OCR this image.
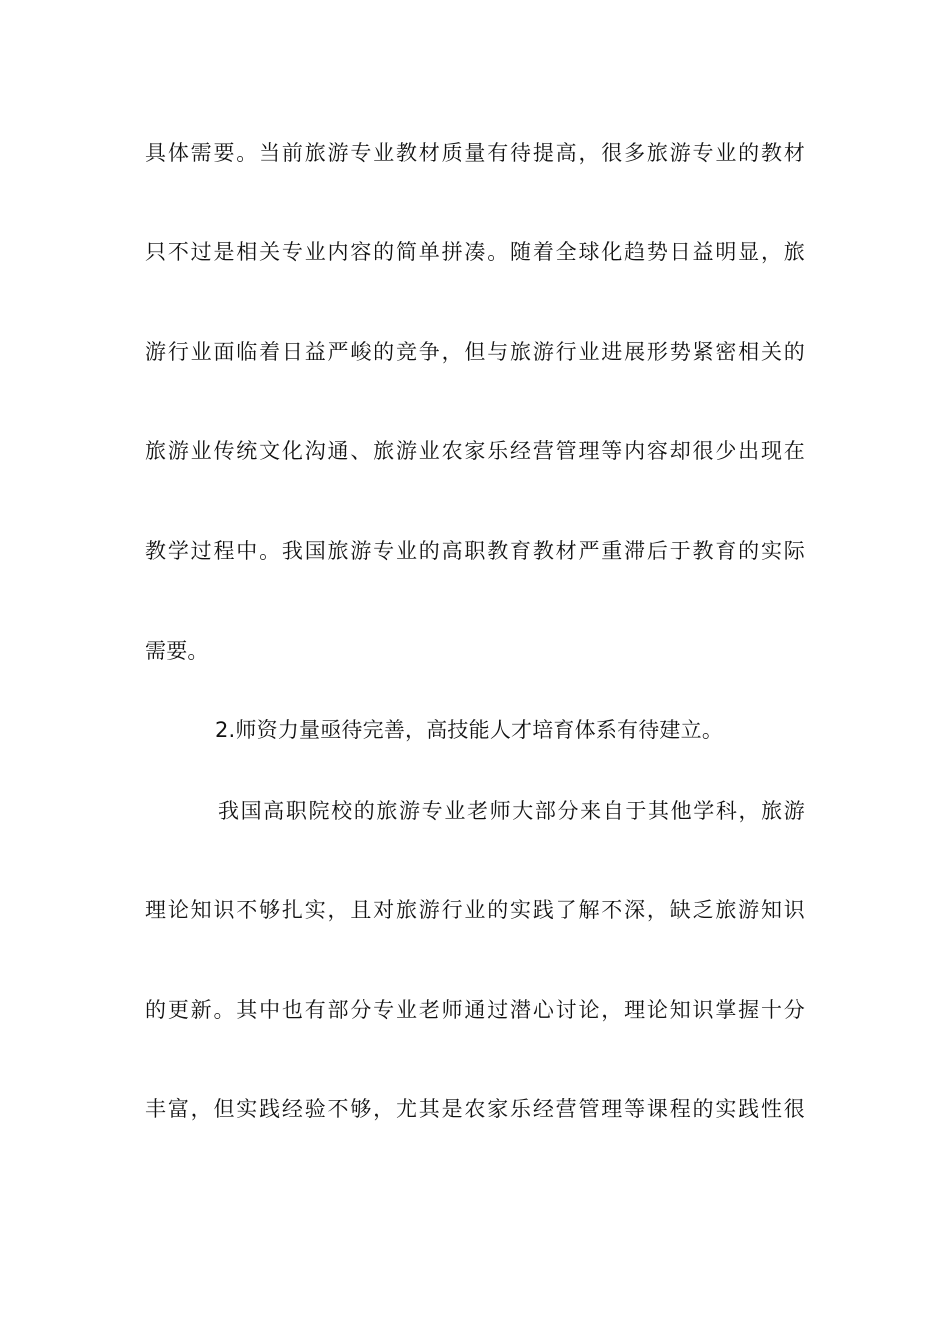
具体需要。当前旅游专业教材质量有待提高，很多旅游专业的教材
只不过是相关专业内容的简单拼凑。随着全球化趋势日益明显，旅
游行业面临着日益严峻的竞争，但与旅游行业进展形势紧密相关的
旅游业传统文化沟通、旅游业农家乐经营管理等内容却很少出现在
教学过程中。我国旅游专业的高职教育教材严重滞后于教育的实际
需要。
2.师资力量亟待完善，高技能人才培育体系有待建立。
我国高职院校的旅游专业老师大部分来自于其他学科，旅游
理论知识不够扎实，且对旅游行业的实践了解不深，缺乏旅游知识
的更新。其中也有部分专业老师通过潜心讨论，理论知识掌握十分
丰富，但实践经验不够，尤其是农家乐经营管理等课程的实践性很
